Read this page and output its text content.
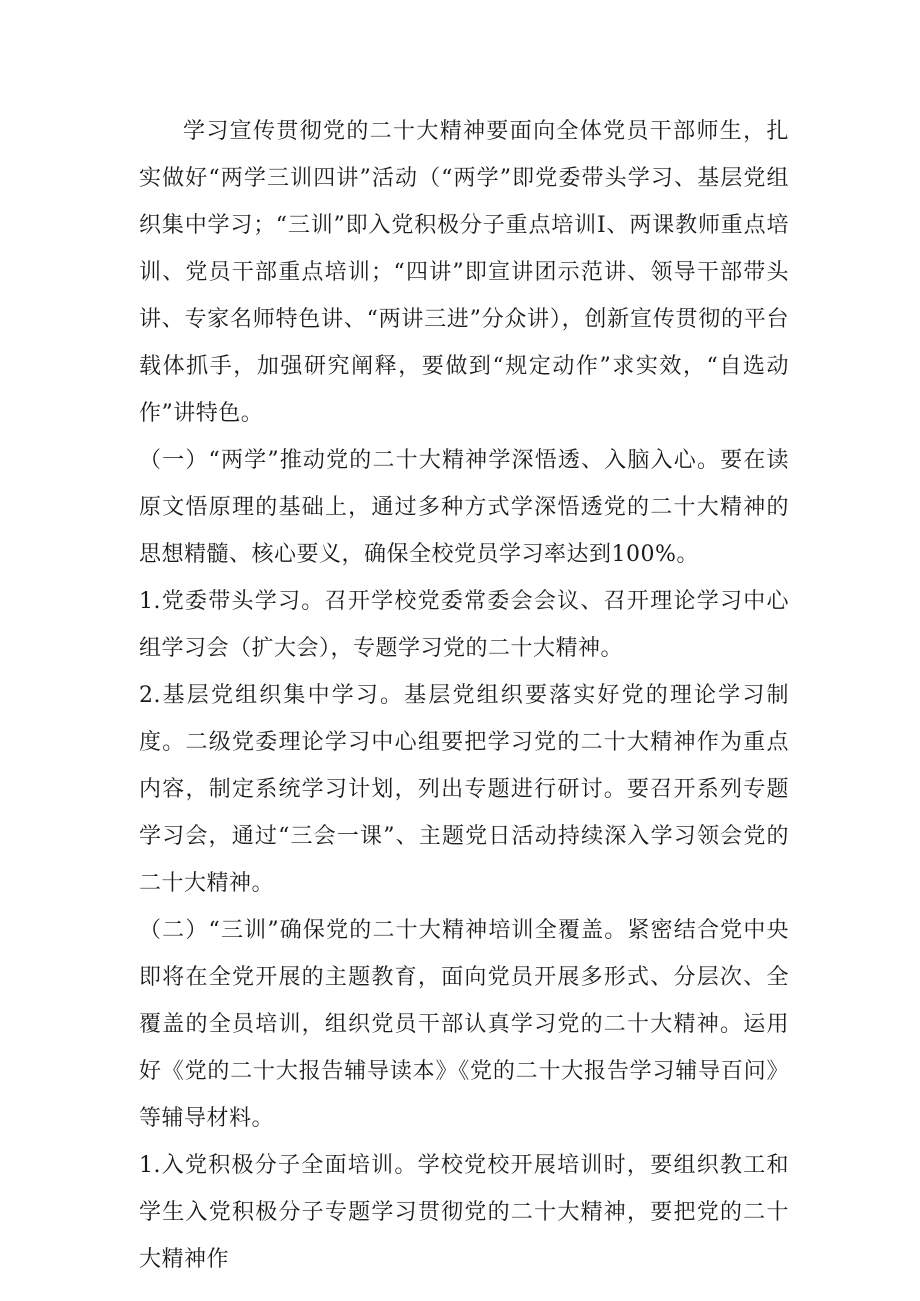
学习宣传贯彻党的二十大精神要面向全体党员干部师生，扎实做好“两学三训四讲”活动（“两学”即党委带头学习、基层党组织集中学习；“三训”即入党积极分子重点培训I、两课教师重点培训、党员干部重点培训；“四讲”即宣讲团示范讲、领导干部带头讲、专家名师特色讲、“两讲三进”分众讲），创新宣传贯彻的平台载体抓手，加强研究阐释，要做到“规定动作”求实效，“自选动作”讲特色。

（一）“两学”推动党的二十大精神学深悟透、入脑入心。要在读原文悟原理的基础上，通过多种方式学深悟透党的二十大精神的思想精髓、核心要义，确保全校党员学习率达到100%。

1.党委带头学习。召开学校党委常委会会议、召开理论学习中心组学习会（扩大会），专题学习党的二十大精神。

2.基层党组织集中学习。基层党组织要落实好党的理论学习制度。二级党委理论学习中心组要把学习党的二十大精神作为重点内容，制定系统学习计划，列出专题进行研讨。要召开系列专题学习会，通过“三会一课”、主题党日活动持续深入学习领会党的二十大精神。

（二）“三训”确保党的二十大精神培训全覆盖。紧密结合党中央即将在全党开展的主题教育，面向党员开展多形式、分层次、全覆盖的全员培训，组织党员干部认真学习党的二十大精神。运用好《党的二十大报告辅导读本》《党的二十大报告学习辅导百问》等辅导材料。

1.入党积极分子全面培训。学校党校开展培训时，要组织教工和学生入党积极分子专题学习贯彻党的二十大精神，要把党的二十大精神作
